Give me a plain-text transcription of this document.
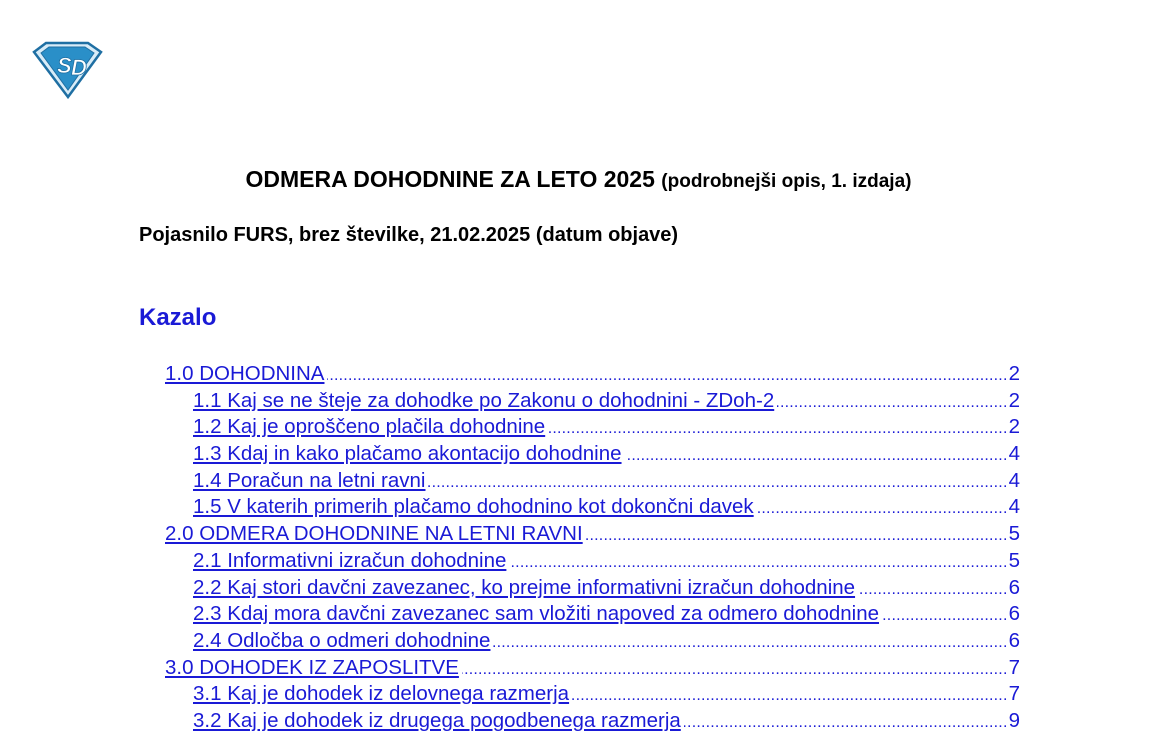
S D
ODMERA DOHODNINE ZA LETO 2025 (podrobnejši opis, 1. izdaja)
Pojasnilo FURS, brez številke, 21.02.2025 (datum objave)
Kazalo
1.0 DOHODNINA .....	2
1.1 Kaj se ne šteje za dohodke po Zakonu o dohodnini - ZDoh-2 .....	2
1.2 Kaj je oproščeno plačila dohodnine .....	2
1.3 Kdaj in kako plačamo akontacijo dohodnine .....	4
1.4 Poračun na letni ravni .....	4
1.5 V katerih primerih plačamo dohodnino kot dokončni davek .....	4
2.0 ODMERA DOHODNINE NA LETNI RAVNI .....	5
2.1 Informativni izračun dohodnine .....	5
2.2 Kaj stori davčni zavezanec, ko prejme informativni izračun dohodnine .....	6
2.3 Kdaj mora davčni zavezanec sam vložiti napoved za odmero dohodnine .....	6
2.4 Odločba o odmeri dohodnine .....	6
3.0 DOHODEK IZ ZAPOSLITVE .....	7
3.1 Kaj je dohodek iz delovnega razmerja .....	7
3.2 Kaj je dohodek iz drugega pogodbenega razmerja .....	9
